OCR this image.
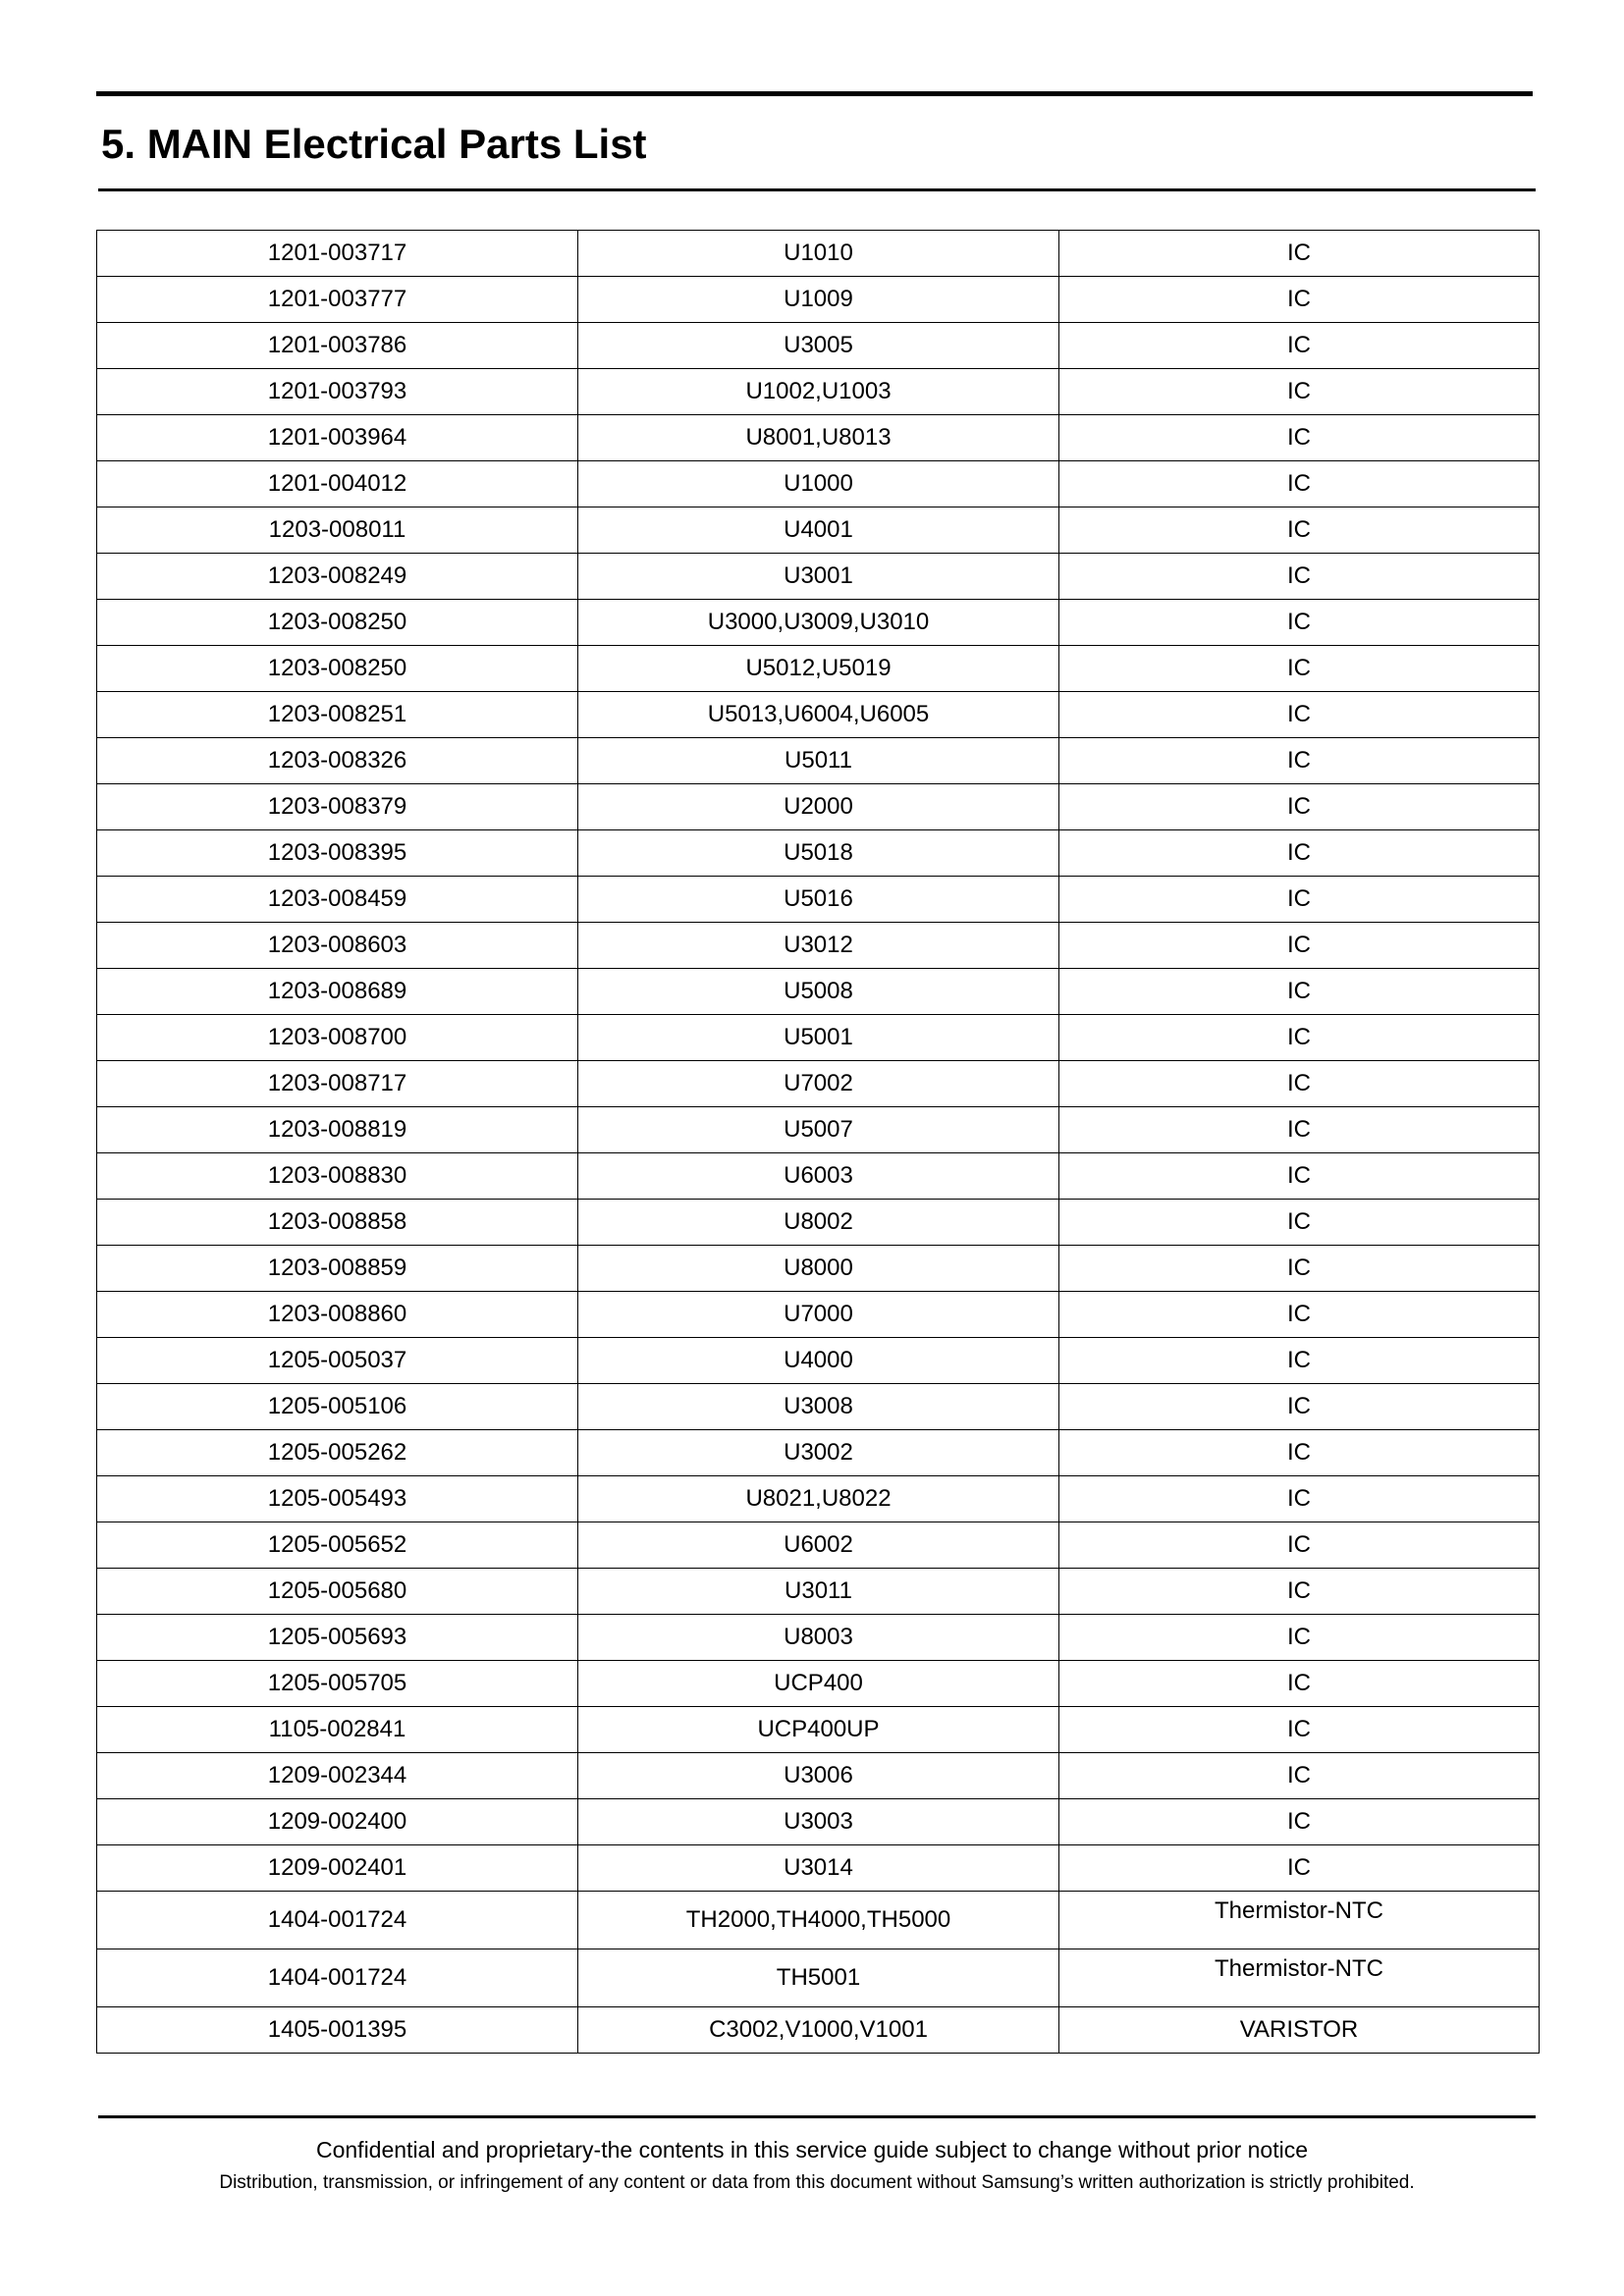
5. MAIN Electrical Parts List
1201-003717	U1010	IC
1201-003777	U1009	IC
1201-003786	U3005	IC
1201-003793	U1002,U1003	IC
1201-003964	U8001,U8013	IC
1201-004012	U1000	IC
1203-008011	U4001	IC
1203-008249	U3001	IC
1203-008250	U3000,U3009,U3010	IC
1203-008250	U5012,U5019	IC
1203-008251	U5013,U6004,U6005	IC
1203-008326	U5011	IC
1203-008379	U2000	IC
1203-008395	U5018	IC
1203-008459	U5016	IC
1203-008603	U3012	IC
1203-008689	U5008	IC
1203-008700	U5001	IC
1203-008717	U7002	IC
1203-008819	U5007	IC
1203-008830	U6003	IC
1203-008858	U8002	IC
1203-008859	U8000	IC
1203-008860	U7000	IC
1205-005037	U4000	IC
1205-005106	U3008	IC
1205-005262	U3002	IC
1205-005493	U8021,U8022	IC
1205-005652	U6002	IC
1205-005680	U3011	IC
1205-005693	U8003	IC
1205-005705	UCP400	IC
1105-002841	UCP400UP	IC
1209-002344	U3006	IC
1209-002400	U3003	IC
1209-002401	U3014	IC
1404-001724	TH2000,TH4000,TH5000	Thermistor-NTC
1404-001724	TH5001	Thermistor-NTC
1405-001395	C3002,V1000,V1001	VARISTOR
Confidential and proprietary-the contents in this service guide subject to change without prior notice
Distribution, transmission, or infringement of any content or data from this document without Samsung’s written authorization is strictly prohibited.
